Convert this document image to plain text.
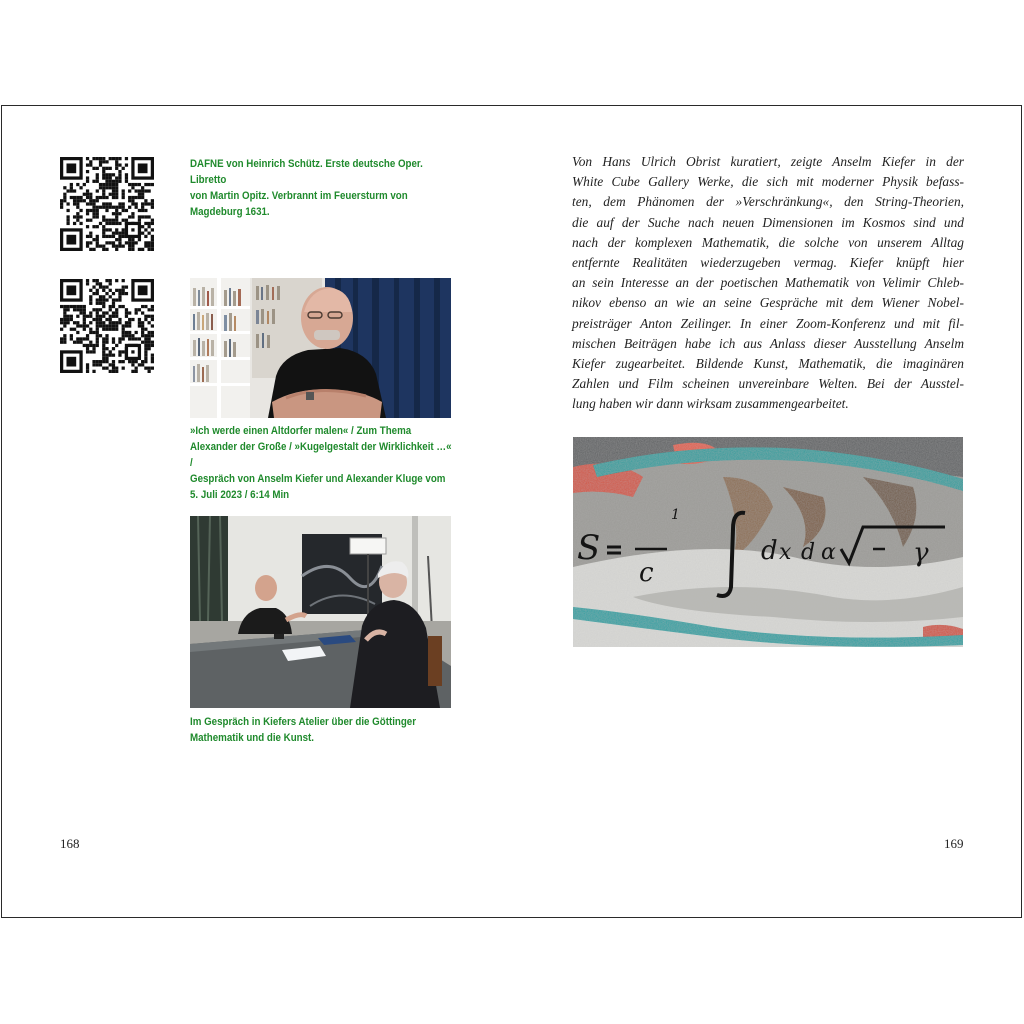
DAFNE von Heinrich Schütz. Erste deutsche Oper. Libretto
von Martin Opitz. Verbrannt im Feuersturm von
Magdeburg 1631.
»Ich werde einen Altdorfer malen« / Zum Thema
Alexander der Große / »Kugelgestalt der Wirklichkeit …« /
Gespräch von Anselm Kiefer und Alexander Kluge vom
5. Juli 2023 / 6:14 Min
Im Gespräch in Kiefers Atelier über die Göttinger
Mathematik und die Kunst.
168
Von Hans Ulrich Obrist kuratiert, zeigte Anselm Kiefer in der
White Cube Gallery Werke, die sich mit moderner Physik befass-
ten, dem Phänomen der »Verschränkung«, den String-Theorien,
die auf der Suche nach neuen Dimensionen im Kosmos sind und
nach der komplexen Mathematik, die solche von unserem Alltag
entfernte Realitäten wiederzugeben vermag. Kiefer knüpft hier
an sein Interesse an der poetischen Mathematik von Velimir Chleb-
nikov ebenso an wie an seine Gespräche mit dem Wiener Nobel-
preisträger Anton Zeilinger. In einer Zoom-Konferenz und mit fil-
mischen Beiträgen habe ich aus Anlass dieser Ausstellung Anselm
Kiefer zugearbeitet. Bildende Kunst, Mathematik, die imaginären
Zahlen und Film scheinen unvereinbare Welten. Bei der Ausstel-
lung haben wir dann wirksam zusammengearbeitet.
S
1
c
d x d α	γ
169
